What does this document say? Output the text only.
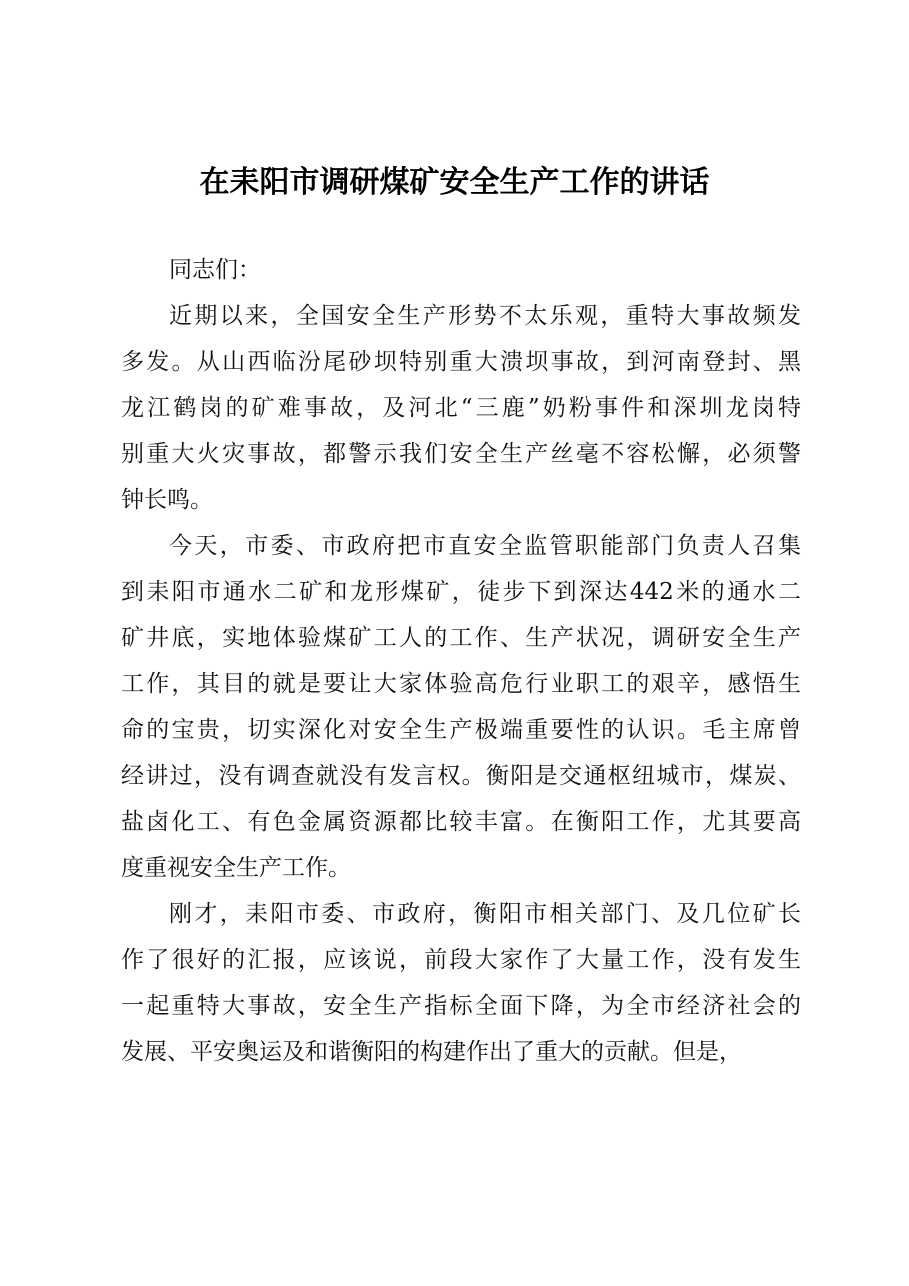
在耒阳市调研煤矿安全生产工作的讲话
同志们：
近期以来，全国安全生产形势不太乐观，重特大事故频发
多发。从山西临汾尾砂坝特别重大溃坝事故，到河南登封、黑
龙江鹤岗的矿难事故，及河北“三鹿”奶粉事件和深圳龙岗特
别重大火灾事故，都警示我们安全生产丝毫不容松懈，必须警
钟长鸣。
今天，市委、市政府把市直安全监管职能部门负责人召集
到耒阳市通水二矿和龙形煤矿，徒步下到深达442米的通水二
矿井底，实地体验煤矿工人的工作、生产状况，调研安全生产
工作，其目的就是要让大家体验高危行业职工的艰辛，感悟生
命的宝贵，切实深化对安全生产极端重要性的认识。毛主席曾
经讲过，没有调查就没有发言权。衡阳是交通枢纽城市，煤炭、
盐卤化工、有色金属资源都比较丰富。在衡阳工作，尤其要高
度重视安全生产工作。
刚才，耒阳市委、市政府，衡阳市相关部门、及几位矿长
作了很好的汇报，应该说，前段大家作了大量工作，没有发生
一起重特大事故，安全生产指标全面下降，为全市经济社会的
发展、平安奥运及和谐衡阳的构建作出了重大的贡献。但是，
